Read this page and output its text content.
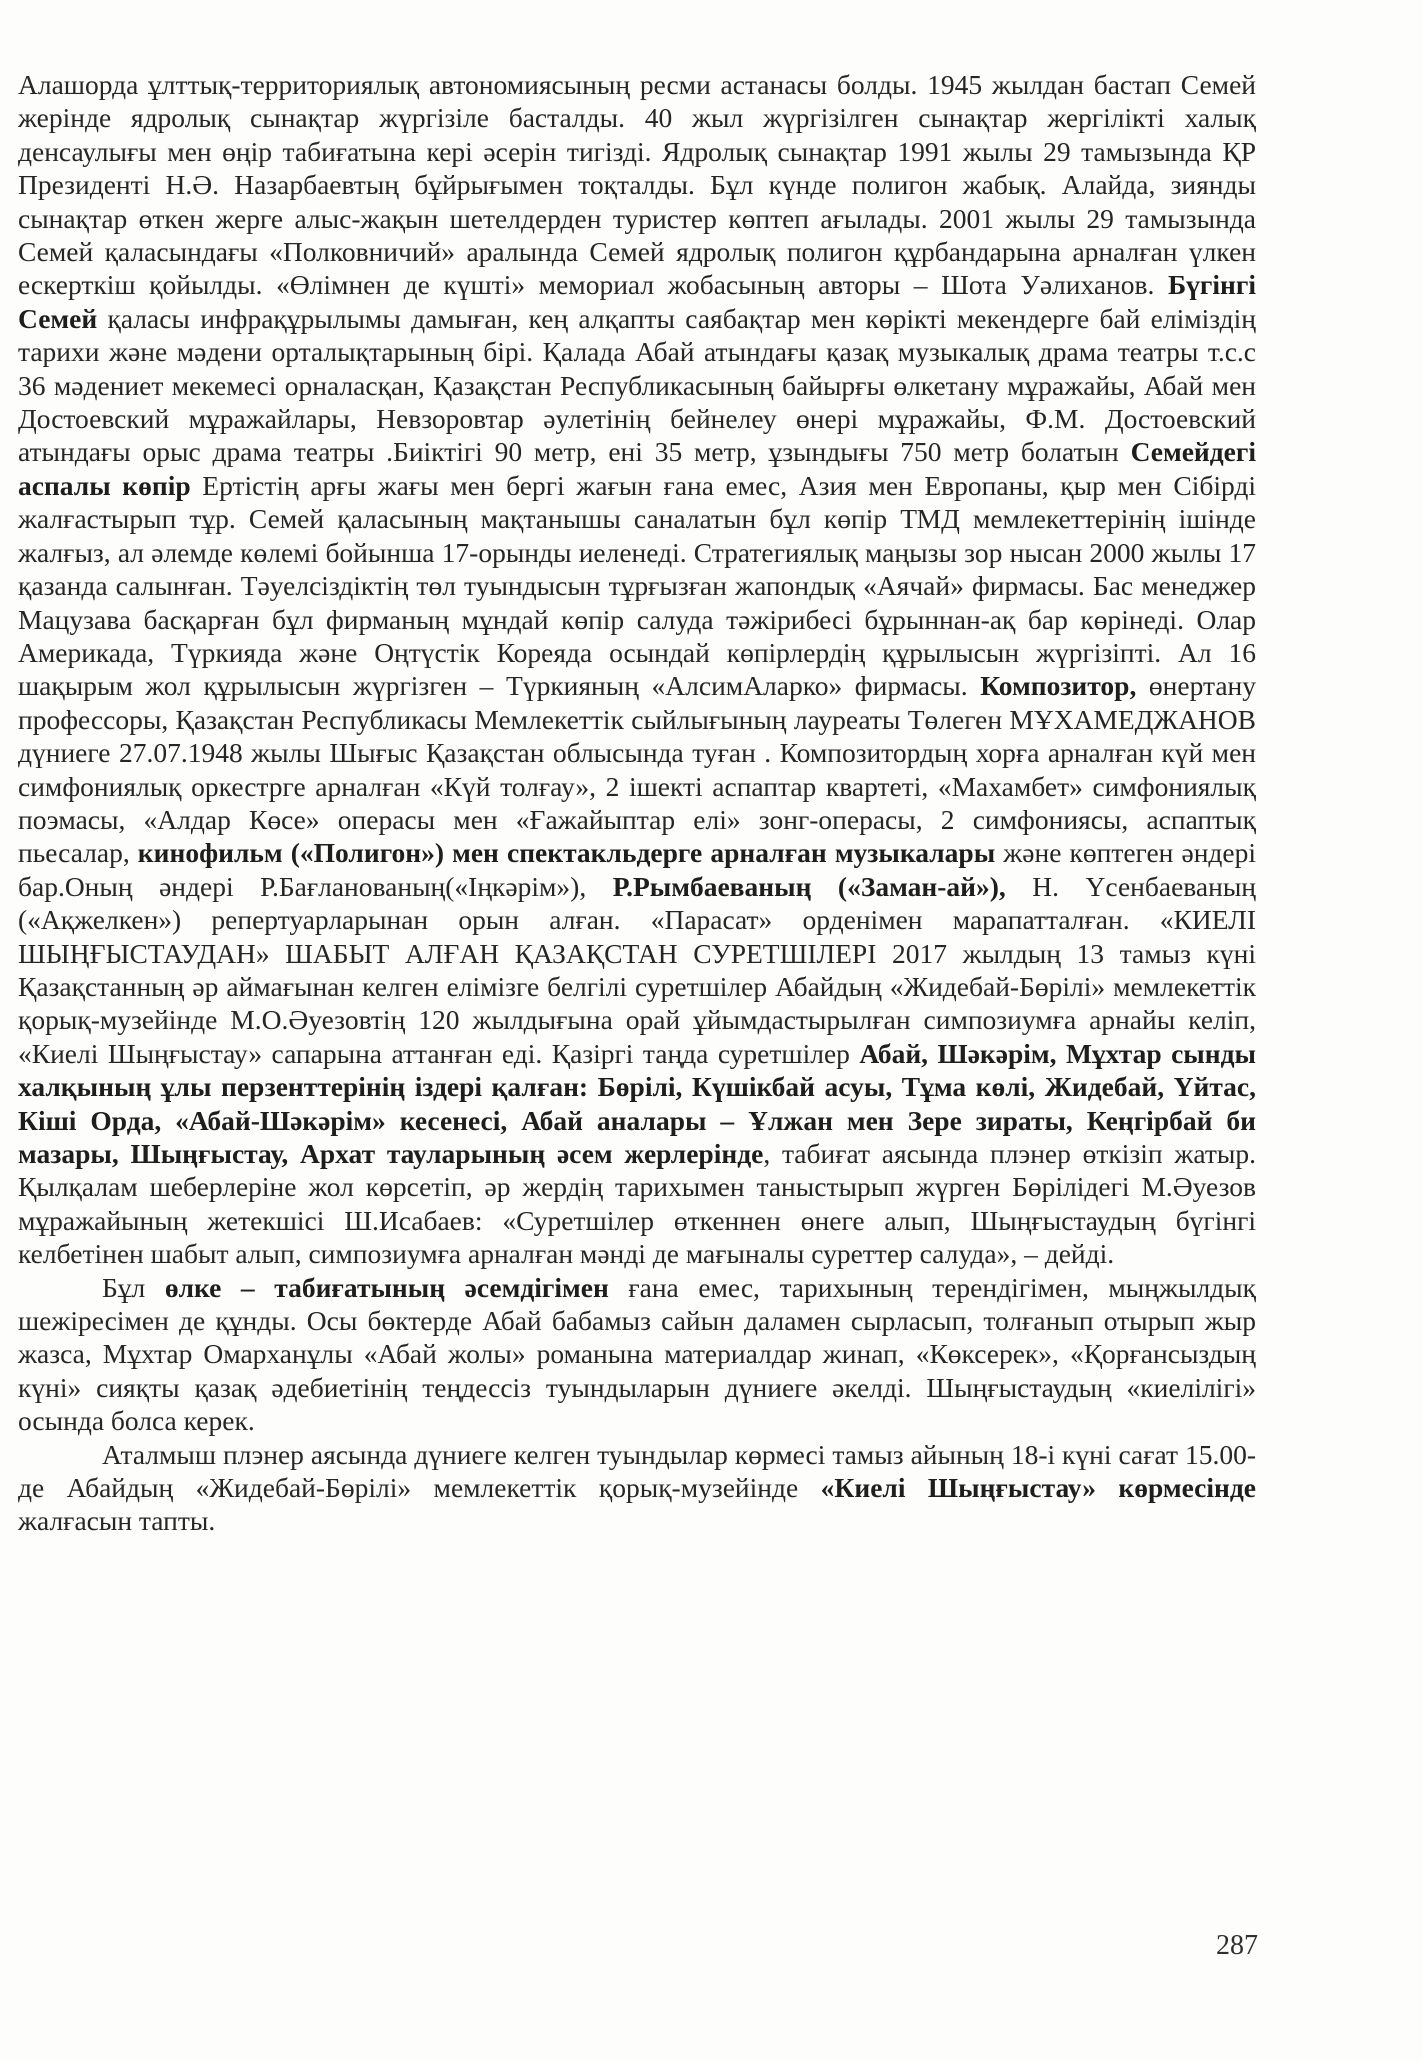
Алашорда ұлттық-территориялық автономиясының ресми астанасы болды. 1945 жылдан бастап Семей жерінде ядролық сынақтар жүргізіле басталды. 40 жыл жүргізілген сынақтар жергілікті халық денсаулығы мен өңір табиғатына кері әсерін тигізді. Ядролық сынақтар 1991 жылы 29 тамызында ҚР Президенті Н.Ә. Назарбаевтың бұйрығымен тоқталды. Бұл күнде полигон жабық. Алайда, зиянды сынақтар өткен жерге алыс-жақын шетелдерден туристер көптеп ағылады. 2001 жылы 29 тамызында Семей қаласындағы «Полковничий» аралында Семей ядролық полигон құрбандарына арналған үлкен ескерткіш қойылды. «Өлімнен де күшті» мемориал жобасының авторы – Шота Уәлиханов. Бүгінгі Семей қаласы инфрақұрылымы дамыған, кең алқапты саябақтар мен көрікті мекендерге бай еліміздің тарихи және мәдени орталықтарының бірі. Қалада Абай атындағы қазақ музыкалық драма театры т.с.с 36 мәдениет мекемесі орналасқан, Қазақстан Республикасының байырғы өлкетану мұражайы, Абай мен Достоевский мұражайлары, Невзоровтар әулетінің бейнелеу өнері мұражайы, Ф.М. Достоевский атындағы орыс драма театры .Биіктігі 90 метр, ені 35 метр, ұзындығы 750 метр болатын Семейдегі аспалы көпір Ертістің арғы жағы мен бергі жағын ғана емес, Азия мен Европаны, қыр мен Сібірді жалғастырып тұр. Семей қаласының мақтанышы саналатын бұл көпір ТМД мемлекеттерінің ішінде жалғыз, ал әлемде көлемі бойынша 17-орынды иеленеді. Стратегиялық маңызы зор нысан 2000 жылы 17 қазанда салынған. Тәуелсіздіктің төл туындысын тұрғызған жапондық «Аячай» фирмасы. Бас менеджер Мацузава басқарған бұл фирманың мұндай көпір салуда тәжірибесі бұрыннан-ақ бар көрінеді. Олар Америкада, Түркияда және Оңтүстік Кореяда осындай көпірлердің құрылысын жүргізіпті. Ал 16 шақырым жол құрылысын жүргізген – Түркияның «АлсимАларко» фирмасы. Композитор, өнертану профессоры, Қазақстан Республикасы Мемлекеттік сыйлығының лауреаты Төлеген МҰХАМЕДЖАНОВ дүниеге 27.07.1948 жылы Шығыс Қазақстан облысында туған . Композитордың хорға арналған күй мен симфониялық оркестрге арналған «Күй толғау», 2 ішекті аспаптар квартеті, «Махамбет» симфониялық поэмасы, «Алдар Көсе» операсы мен «Ғажайыптар елі» зонг-операсы, 2 симфониясы, аспаптық пьесалар, кинофильм («Полигон») мен спектакльдерге арналған музыкалары және көптеген әндері бар.Оның әндері Р.Бағланованың(«Іңкәрім»), Р.Рымбаеваның («Заман-ай»), Н. Үсенбаеваның («Ақжелкен») репертуарларынан орын алған. «Парасат» орденімен марапатталған. «КИЕЛІ ШЫҢҒЫСТАУДАН» ШАБЫТ АЛҒАН ҚАЗАҚСТАН СУРЕТШІЛЕРІ 2017 жылдың 13 тамыз күні Қазақстанның әр аймағынан келген елімізге белгілі суретшілер Абайдың «Жидебай-Бөрілі» мемлекеттік қорық-музейінде М.О.Әуезовтің 120 жылдығына орай ұйымдастырылған симпозиумға арнайы келіп, «Киелі Шыңғыстау» сапарына аттанған еді. Қазіргі таңда суретшілер Абай, Шәкәрім, Мұхтар сынды халқының ұлы перзенттерінің іздері қалған: Бөрілі, Күшікбай асуы, Тұма көлі, Жидебай, Үйтас, Кіші Орда, «Абай-Шәкәрім» кесенесі, Абай аналары – Ұлжан мен Зере зираты, Кеңгірбай би мазары, Шыңғыстау, Архат тауларының әсем жерлерінде, табиғат аясында плэнер өткізіп жатыр. Қылқалам шеберлеріне жол көрсетіп, әр жердің тарихымен таныстырып жүрген Бөрілідегі М.Әуезов мұражайының жетекшісі Ш.Исабаев: «Суретшілер өткеннен өнеге алып, Шыңғыстаудың бүгінгі келбетінен шабыт алып, симпозиумға арналған мәнді де мағыналы суреттер салуда», – дейді.

Бұл өлке – табиғатының әсемдігімен ғана емес, тарихының терендігімен, мыңжылдық шежіресімен де құнды. Осы бөктерде Абай бабамыз сайын даламен сырласып, толғанып отырып жыр жазса, Мұхтар Омарханұлы «Абай жолы» романына материалдар жинап, «Көксерек», «Қорғансыздың күні» сияқты қазақ әдебиетінің теңдессіз туындыларын дүниеге әкелді. Шыңғыстаудың «киелілігі» осында болса керек.

Аталмыш плэнер аясында дүниеге келген туындылар көрмесі тамыз айының 18-і күні сағат 15.00-де Абайдың «Жидебай-Бөрілі» мемлекеттік қорық-музейінде «Киелі Шыңғыстау» көрмесінде жалғасын тапты.

287
